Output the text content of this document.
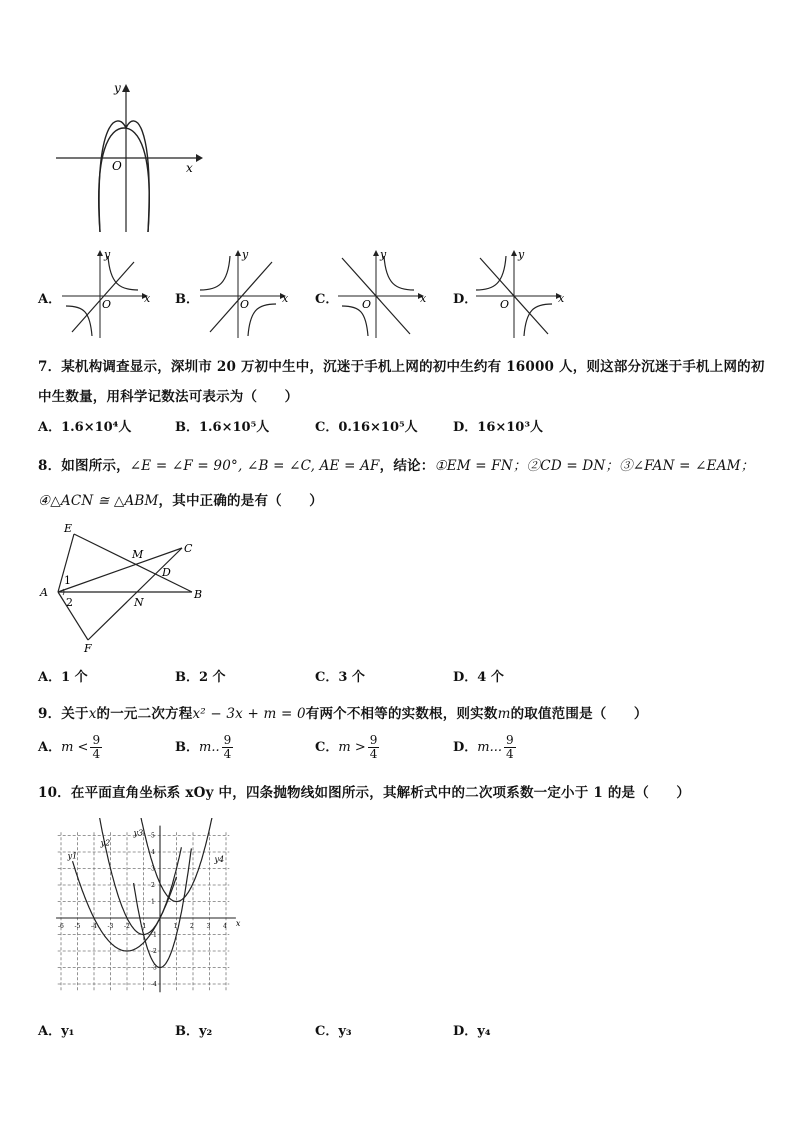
y
x
O
A．
y
x
O	B．
y
x
O	C．
y
x
O	D．
y
x
O
7．某机构调查显示，深圳市 20 万初中生中，沉迷于手机上网的初中生约有 16000 人，则这部分沉迷于手机上网的初
中生数量，用科学记数法可表示为（　　）
A．1.6×10⁴人	B．1.6×10⁵人	C．0.16×10⁵人	D．16×10³人
8．如图所示，∠E = ∠F = 90°, ∠B = ∠C, AE = AF，结论：①EM = FN；②CD = DN；③∠FAN = ∠EAM；
④△ACN ≅ △ABM，其中正确的是有（　　）
E
M	C
D
A	B
N
F
1
2
A．1 个	B．2 个	C．3 个	D．4 个
9．关于x的一元二次方程x² − 3x + m = 0有两个不相等的实数根，则实数m的取值范围是（　　）
A．$m < \frac{9}{4}$	B．m.. $\frac{9}{4}$	C．$m > \frac{9}{4}$	D．m... $\frac{9}{4}$
10．在平面直角坐标系 xOy 中，四条抛物线如图所示，其解析式中的二次项系数一定小于 1 的是（　　）
-6 -5 -4 -3 -2 -1	1 2 3 4
5
4
3
2
1
-1
-2
-3
-4
x
y1
y2
y3
y4
A．y₁	B．y₂	C．y₃	D．y₄
